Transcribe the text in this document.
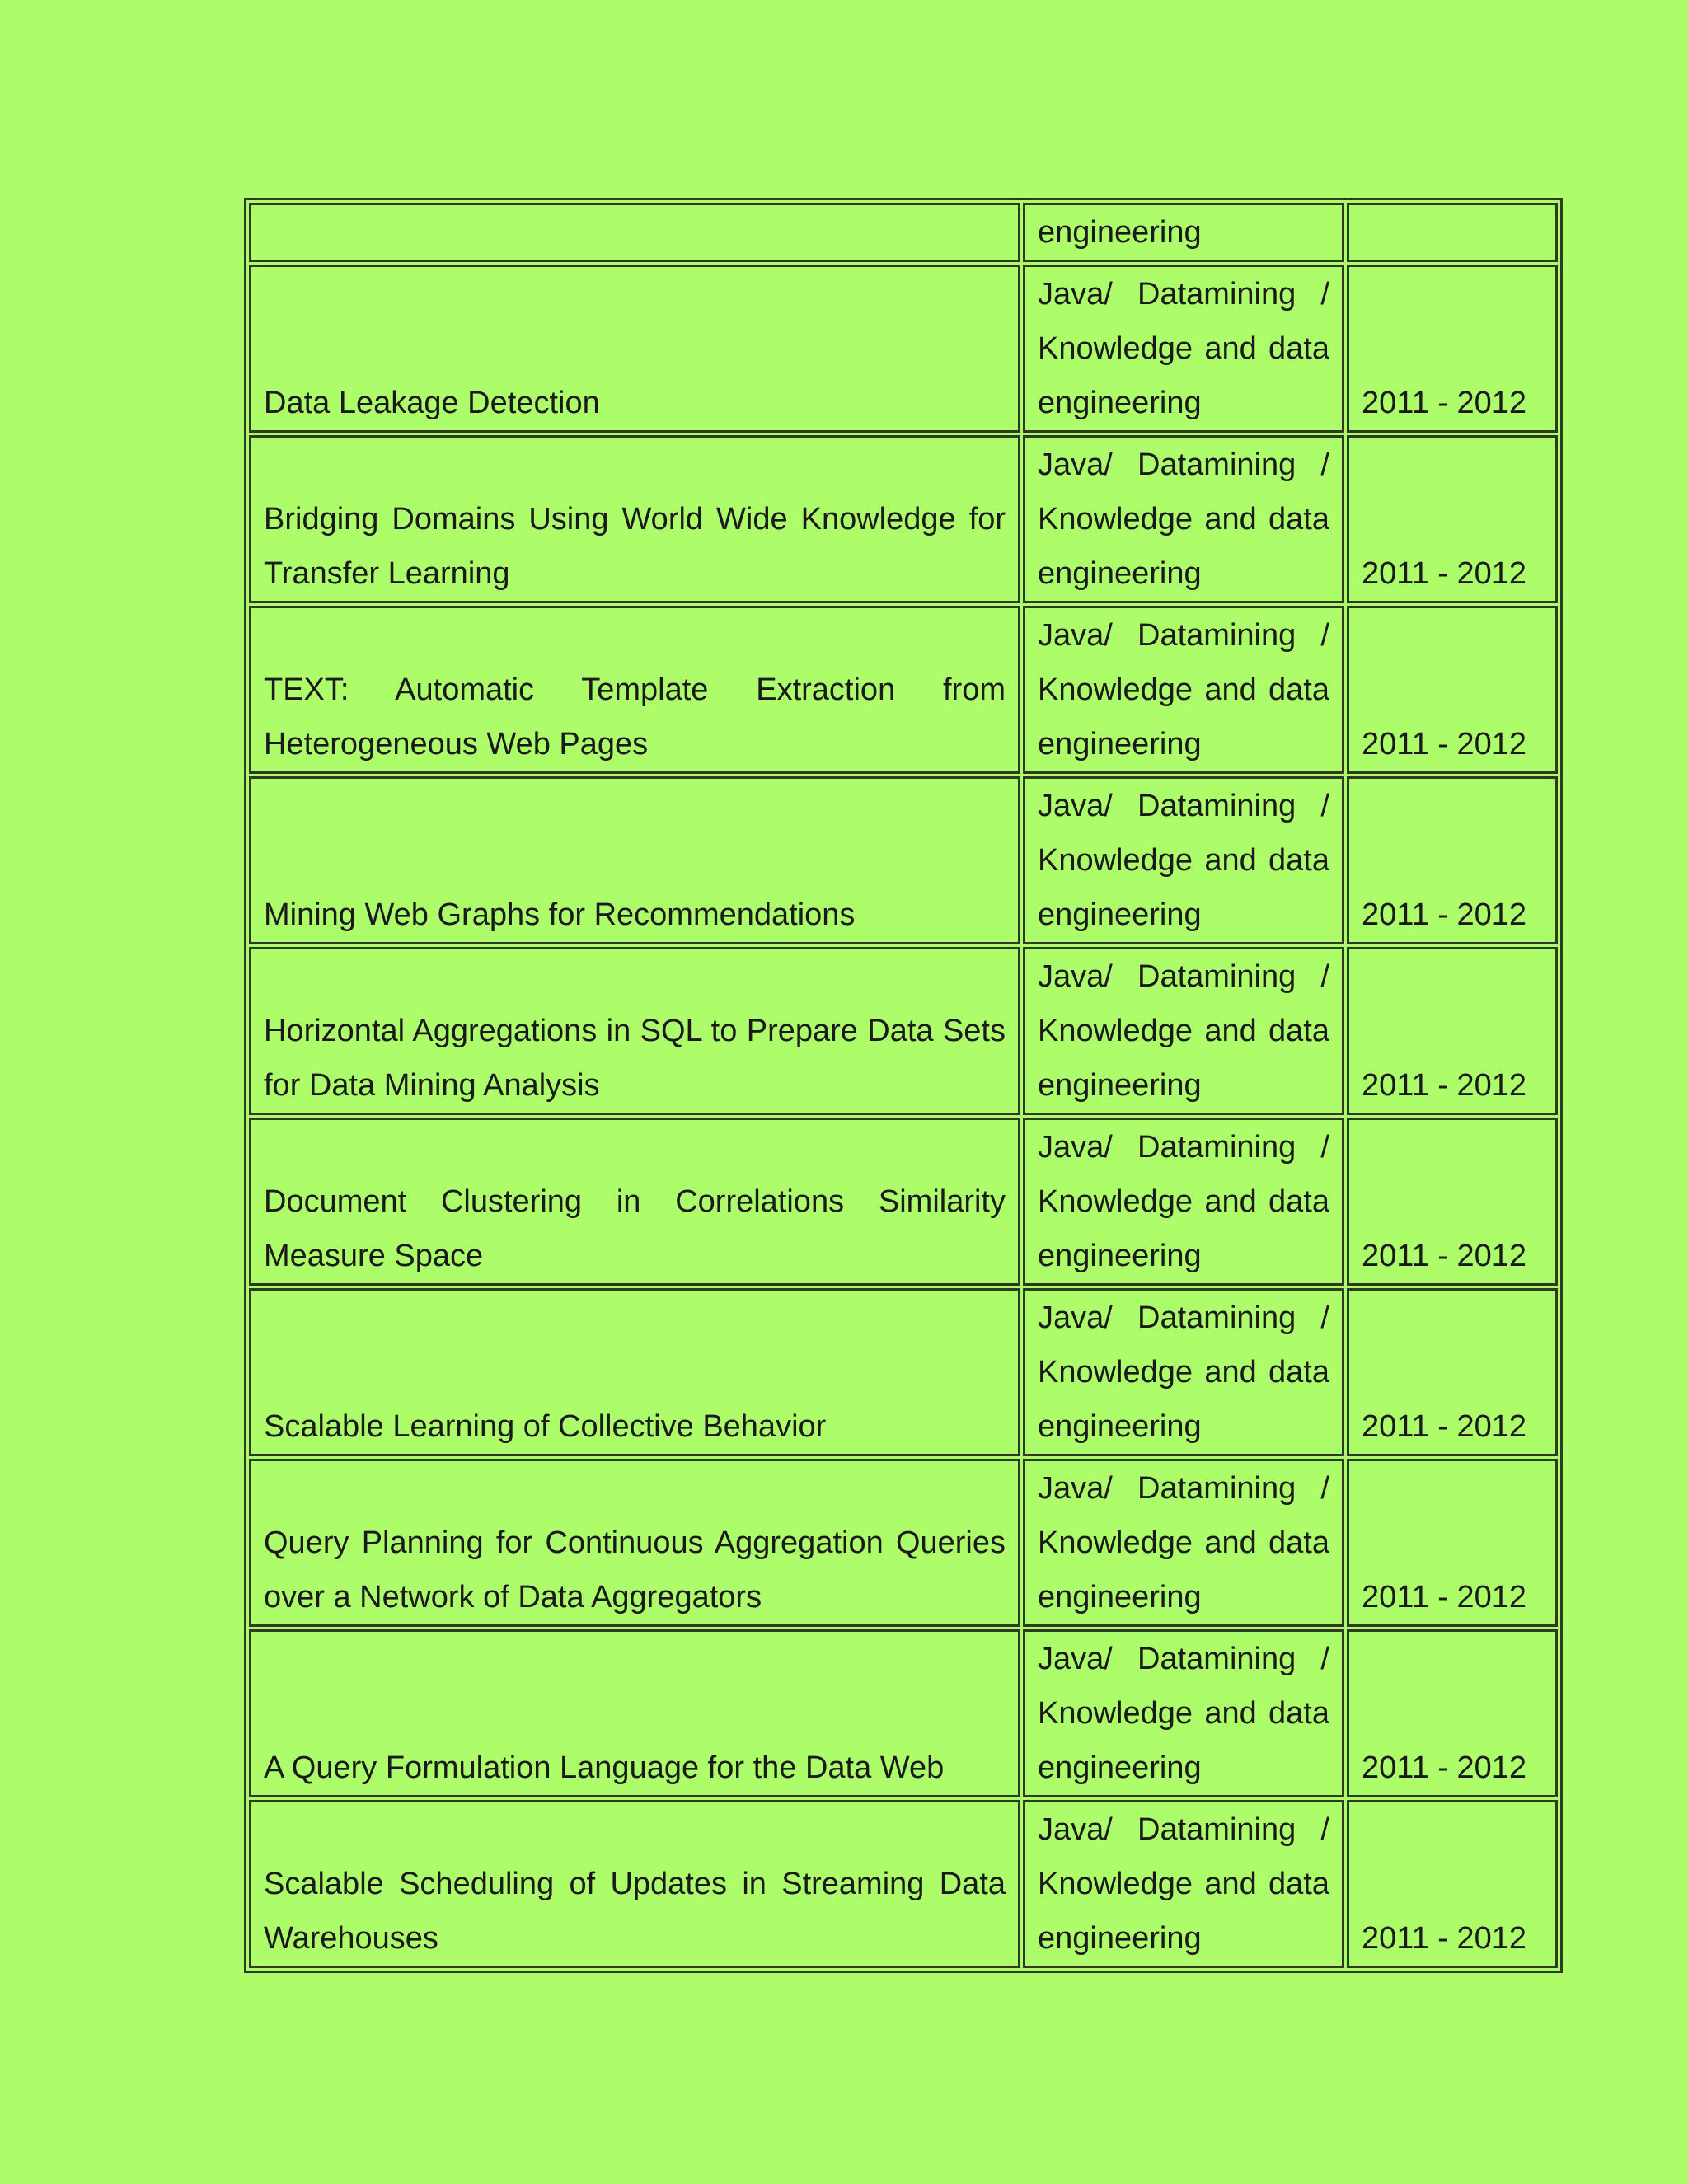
	engineering	

Data Leakage Detection	Java/ Datamining /
Knowledge and data
engineering	2011 - 2012
Bridging Domains Using World Wide Knowledge for Transfer Learning	Java/ Datamining /
Knowledge and data
engineering	2011 - 2012
TEXT: Automatic Template Extraction from Heterogeneous Web Pages	Java/ Datamining /
Knowledge and data
engineering	2011 - 2012
Mining Web Graphs for Recommendations	Java/ Datamining /
Knowledge and data
engineering	2011 - 2012
Horizontal Aggregations in SQL to Prepare Data Sets for Data Mining Analysis	Java/ Datamining /
Knowledge and data
engineering	2011 - 2012
Document Clustering in Correlations Similarity Measure Space	Java/ Datamining /
Knowledge and data
engineering	2011 - 2012
Scalable Learning of Collective Behavior	Java/ Datamining /
Knowledge and data
engineering	2011 - 2012
Query Planning for Continuous Aggregation Queries over a Network of Data Aggregators	Java/ Datamining /
Knowledge and data
engineering	2011 - 2012
A Query Formulation Language for the Data Web	Java/ Datamining /
Knowledge and data
engineering	2011 - 2012
Scalable Scheduling of Updates in Streaming Data Warehouses	Java/ Datamining /
Knowledge and data
engineering	2011 - 2012
